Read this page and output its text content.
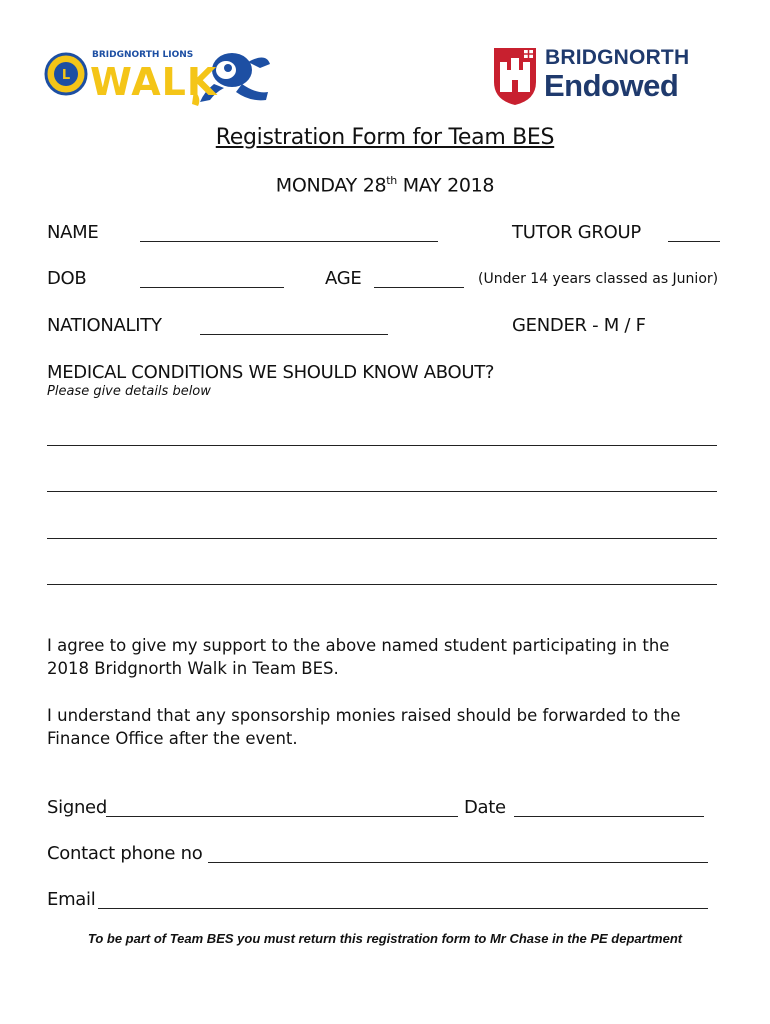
L
BRIDGNORTH LIONS
WALK
BRIDGNORTH
Endowed
Registration Form for Team BES
MONDAY 28th MAY 2018
NAME	TUTOR GROUP
DOB	AGE	(Under 14 years classed as Junior)
NATIONALITY	GENDER - M / F
MEDICAL CONDITIONS WE SHOULD KNOW ABOUT?
Please give details below
I agree to give my support to the above named student participating in the
2018 Bridgnorth Walk in Team BES.
I understand that any sponsorship monies raised should be forwarded to the
Finance Office after the event.
Signed	Date
Contact phone no
Email
To be part of Team BES you must return this registration form to Mr Chase in the PE department
